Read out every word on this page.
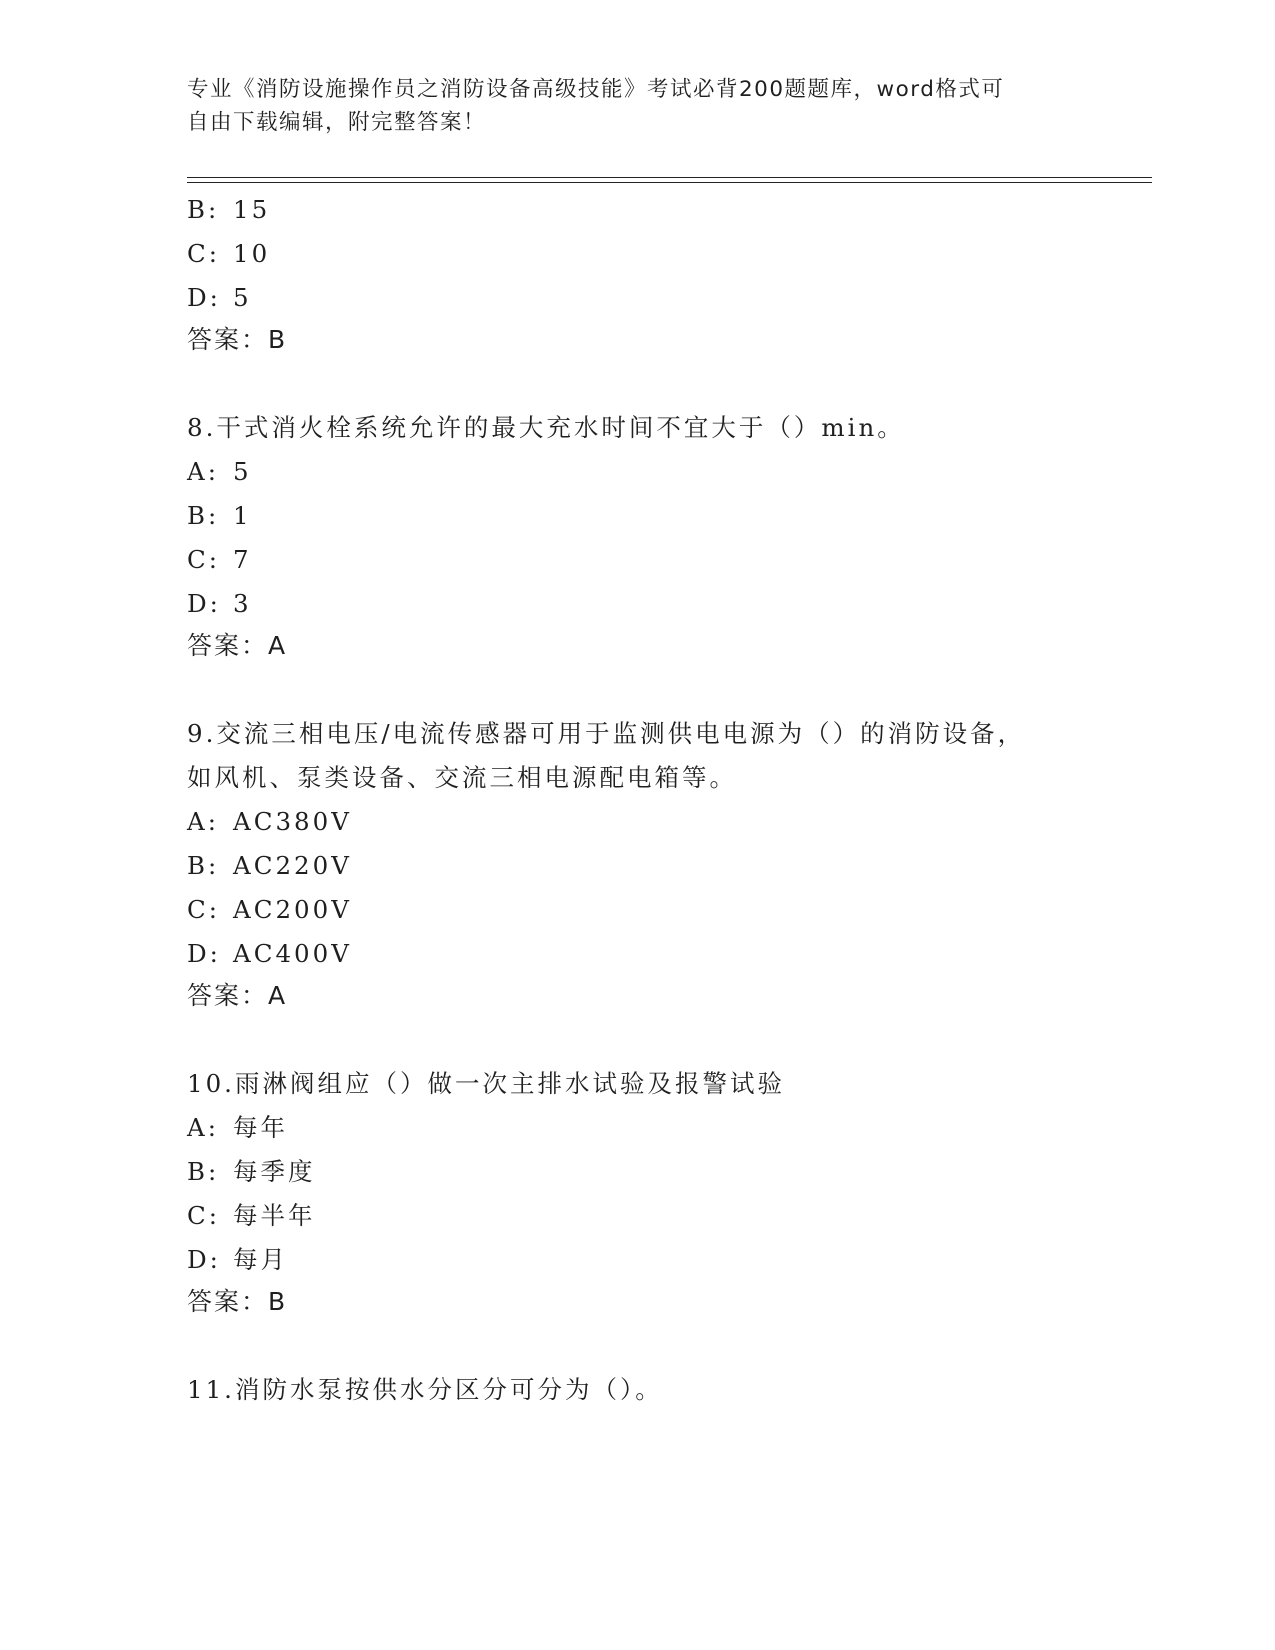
专业《消防设施操作员之消防设备高级技能》考试必背200题题库，word格式可
自由下载编辑，附完整答案！
B: 15
C: 10
D: 5
答案：B
8.干式消火栓系统允许的最大充水时间不宜大于（）min。
A: 5
B: 1
C: 7
D: 3
答案：A
9.交流三相电压/电流传感器可用于监测供电电源为（）的消防设备，
如风机、泵类设备、交流三相电源配电箱等。
A: AC380V
B: AC220V
C: AC200V
D: AC400V
答案：A
10.雨淋阀组应（）做一次主排水试验及报警试验
A: 每年
B: 每季度
C: 每半年
D: 每月
答案：B
11.消防水泵按供水分区分可分为（）。
